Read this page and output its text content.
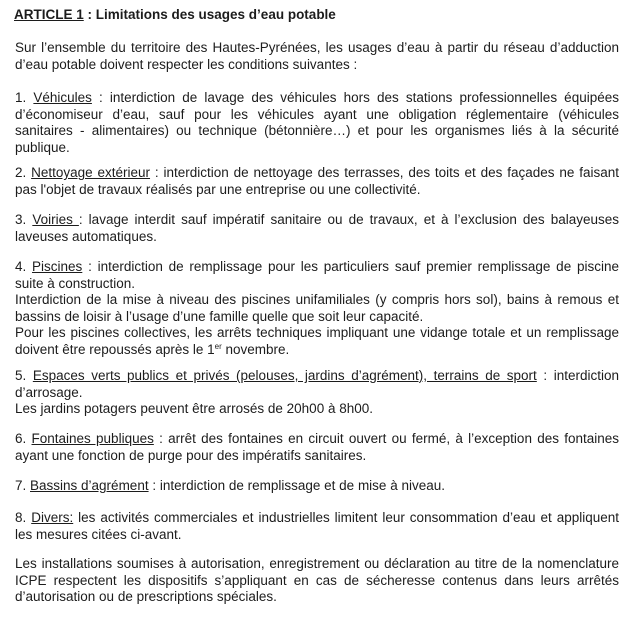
ARTICLE 1 : Limitations des usages d’eau potable
Sur l’ensemble du territoire des Hautes-Pyrénées, les usages d’eau à partir du réseau d’adduction d’eau potable doivent respecter les conditions suivantes :
1. Véhicules : interdiction de lavage des véhicules hors des stations professionnelles équipées d’économiseur d’eau, sauf pour les véhicules ayant une obligation réglementaire (véhicules sanitaires - alimentaires) ou technique (bétonnière…) et pour les organismes liés à la sécurité publique.
2. Nettoyage extérieur : interdiction de nettoyage des terrasses, des toits et des façades ne faisant pas l'objet de travaux réalisés par une entreprise ou une collectivité.
3. Voiries : lavage interdit sauf impératif sanitaire ou de travaux, et à l’exclusion des balayeuses laveuses automatiques.
4. Piscines : interdiction de remplissage pour les particuliers sauf premier remplissage de piscine suite à construction.
Interdiction de la mise à niveau des piscines unifamiliales (y compris hors sol), bains à remous et bassins de loisir à l’usage d’une famille quelle que soit leur capacité.
Pour les piscines collectives, les arrêts techniques impliquant une vidange totale et un remplissage doivent être repoussés après le 1er novembre.
5. Espaces verts publics et privés (pelouses, jardins d’agrément), terrains de sport : interdiction d’arrosage.
Les jardins potagers peuvent être arrosés de 20h00 à 8h00.
6. Fontaines publiques : arrêt des fontaines en circuit ouvert ou fermé, à l’exception des fontaines ayant une fonction de purge pour des impératifs sanitaires.
7. Bassins d’agrément : interdiction de remplissage et de mise à niveau.
8. Divers: les activités commerciales et industrielles limitent leur consommation d’eau et appliquent les mesures citées ci-avant.
Les installations soumises à autorisation, enregistrement ou déclaration au titre de la nomenclature ICPE respectent les dispositifs s’appliquant en cas de sécheresse contenus dans leurs arrêtés d’autorisation ou de prescriptions spéciales.
